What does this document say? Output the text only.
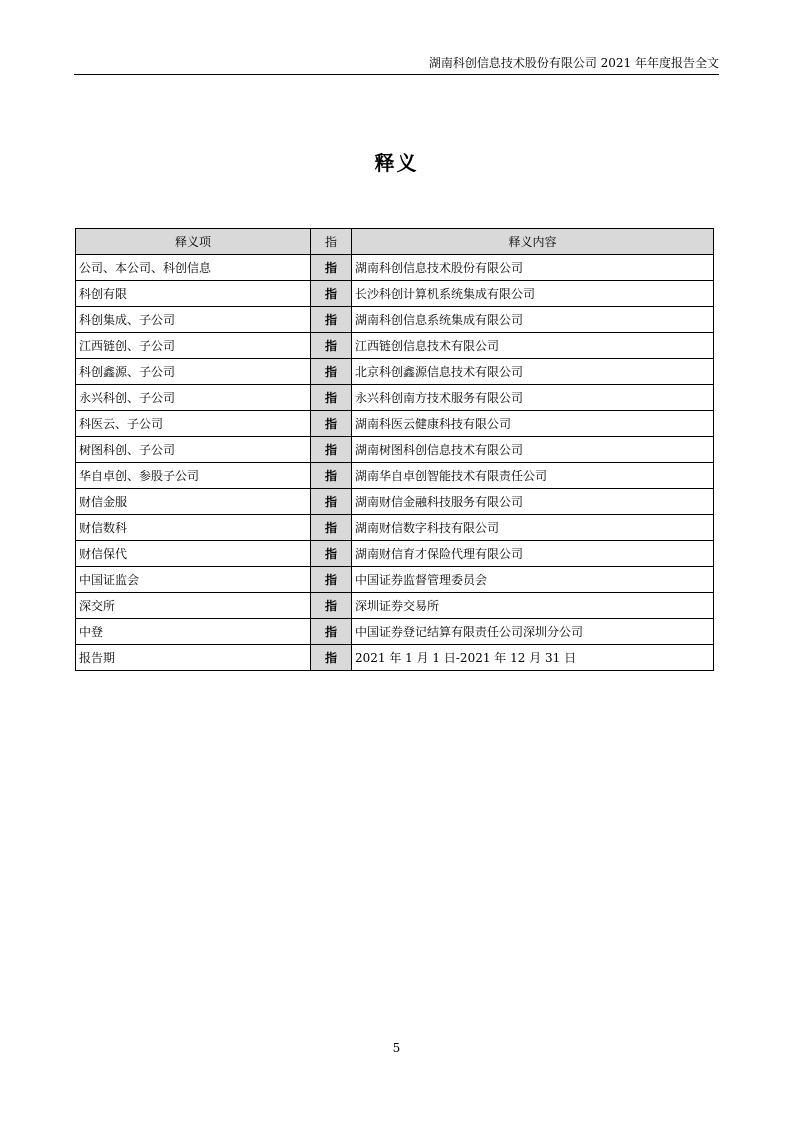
湖南科创信息技术股份有限公司 2021 年年度报告全文
释义
释义项	指	释义内容
公司、本公司、科创信息	指	湖南科创信息技术股份有限公司
科创有限	指	长沙科创计算机系统集成有限公司
科创集成、子公司	指	湖南科创信息系统集成有限公司
江西链创、子公司	指	江西链创信息技术有限公司
科创鑫源、子公司	指	北京科创鑫源信息技术有限公司
永兴科创、子公司	指	永兴科创南方技术服务有限公司
科医云、子公司	指	湖南科医云健康科技有限公司
树图科创、子公司	指	湖南树图科创信息技术有限公司
华自卓创、参股子公司	指	湖南华自卓创智能技术有限责任公司
财信金服	指	湖南财信金融科技服务有限公司
财信数科	指	湖南财信数字科技有限公司
财信保代	指	湖南财信育才保险代理有限公司
中国证监会	指	中国证券监督管理委员会
深交所	指	深圳证券交易所
中登	指	中国证券登记结算有限责任公司深圳分公司
报告期	指	2021 年 1 月 1 日-2021 年 12 月 31 日
5
